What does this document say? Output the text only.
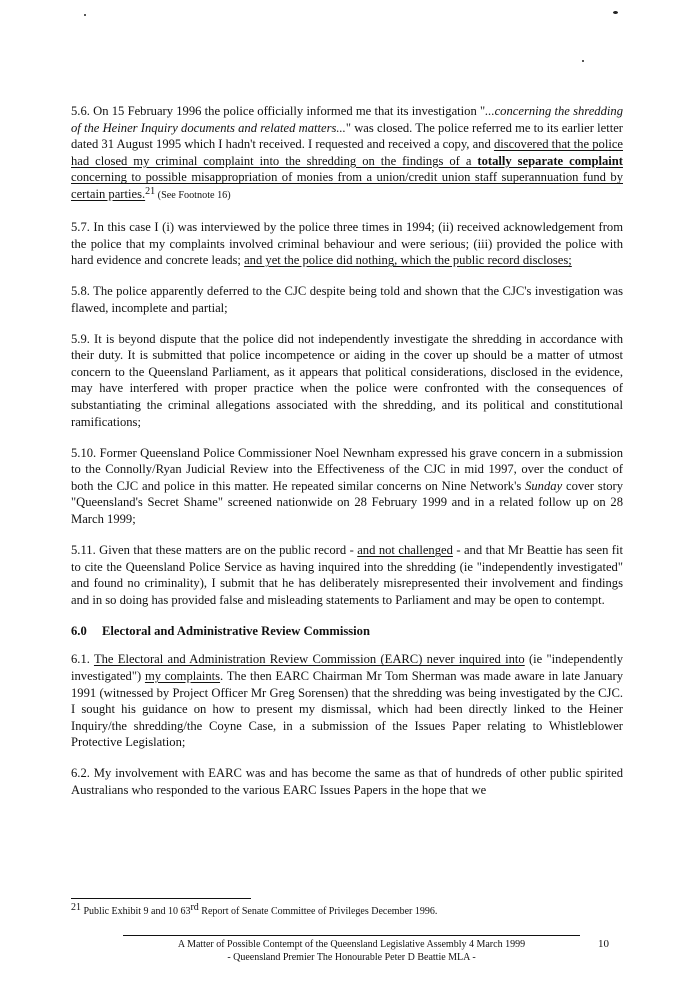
5.6. On 15 February 1996 the police officially informed me that its investigation "...concerning the shredding of the Heiner Inquiry documents and related matters..." was closed. The police referred me to its earlier letter dated 31 August 1995 which I hadn't received. I requested and received a copy, and discovered that the police had closed my criminal complaint into the shredding on the findings of a totally separate complaint concerning to possible misappropriation of monies from a union/credit union staff superannuation fund by certain parties.$^{21}$ (See Footnote 16)

5.7. In this case I (i) was interviewed by the police three times in 1994; (ii) received acknowledgement from the police that my complaints involved criminal behaviour and were serious; (iii) provided the police with hard evidence and concrete leads; and yet the police did nothing, which the public record discloses;

5.8. The police apparently deferred to the CJC despite being told and shown that the CJC's investigation was flawed, incomplete and partial;

5.9. It is beyond dispute that the police did not independently investigate the shredding in accordance with their duty. It is submitted that police incompetence or aiding in the cover up should be a matter of utmost concern to the Queensland Parliament, as it appears that political considerations, disclosed in the evidence, may have interfered with proper practice when the police were confronted with the consequences of substantiating the criminal allegations associated with the shredding, and its political and constitutional ramifications;

5.10. Former Queensland Police Commissioner Noel Newnham expressed his grave concern in a submission to the Connolly/Ryan Judicial Review into the Effectiveness of the CJC in mid 1997, over the conduct of both the CJC and police in this matter. He repeated similar concerns on Nine Network's Sunday cover story "Queensland's Secret Shame" screened nationwide on 28 February 1999 and in a related follow up on 28 March 1999;

5.11. Given that these matters are on the public record - and not challenged - and that Mr Beattie has seen fit to cite the Queensland Police Service as having inquired into the shredding (ie "independently investigated" and found no criminality), I submit that he has deliberately misrepresented their involvement and findings and in so doing has provided false and misleading statements to Parliament and may be open to contempt.

6.0 Electoral and Administrative Review Commission

6.1. The Electoral and Administration Review Commission (EARC) never inquired into (ie "independently investigated") my complaints. The then EARC Chairman Mr Tom Sherman was made aware in late January 1991 (witnessed by Project Officer Mr Greg Sorensen) that the shredding was being investigated by the CJC. I sought his guidance on how to present my dismissal, which had been directly linked to the Heiner Inquiry/the shredding/the Coyne Case, in a submission of the Issues Paper relating to Whistleblower Protective Legislation;

6.2. My involvement with EARC was and has become the same as that of hundreds of other public spirited Australians who responded to the various EARC Issues Papers in the hope that we

21 Public Exhibit 9 and 10 63rd Report of Senate Committee of Privileges December 1996.
A Matter of Possible Contempt of the Queensland Legislative Assembly 4 March 1999
- Queensland Premier The Honourable Peter D Beattie MLA -
10
